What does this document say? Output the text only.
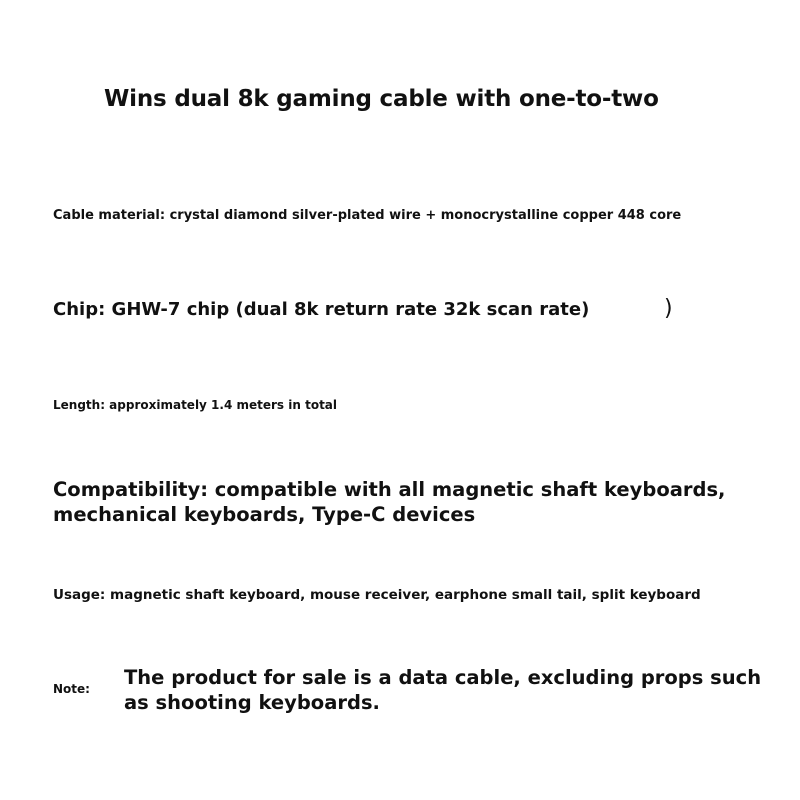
Wins dual 8k gaming cable with one-to-two

Cable material: crystal diamond silver-plated wire + monocrystalline copper 448 core

Chip: GHW-7 chip (dual 8k return rate 32k scan rate)	)

Length: approximately 1.4 meters in total

Compatibility: compatible with all magnetic shaft keyboards, mechanical keyboards, Type-C devices

Usage: magnetic shaft keyboard, mouse receiver, earphone small tail, split keyboard

Note: The product for sale is a data cable, excluding props such as shooting keyboards.
